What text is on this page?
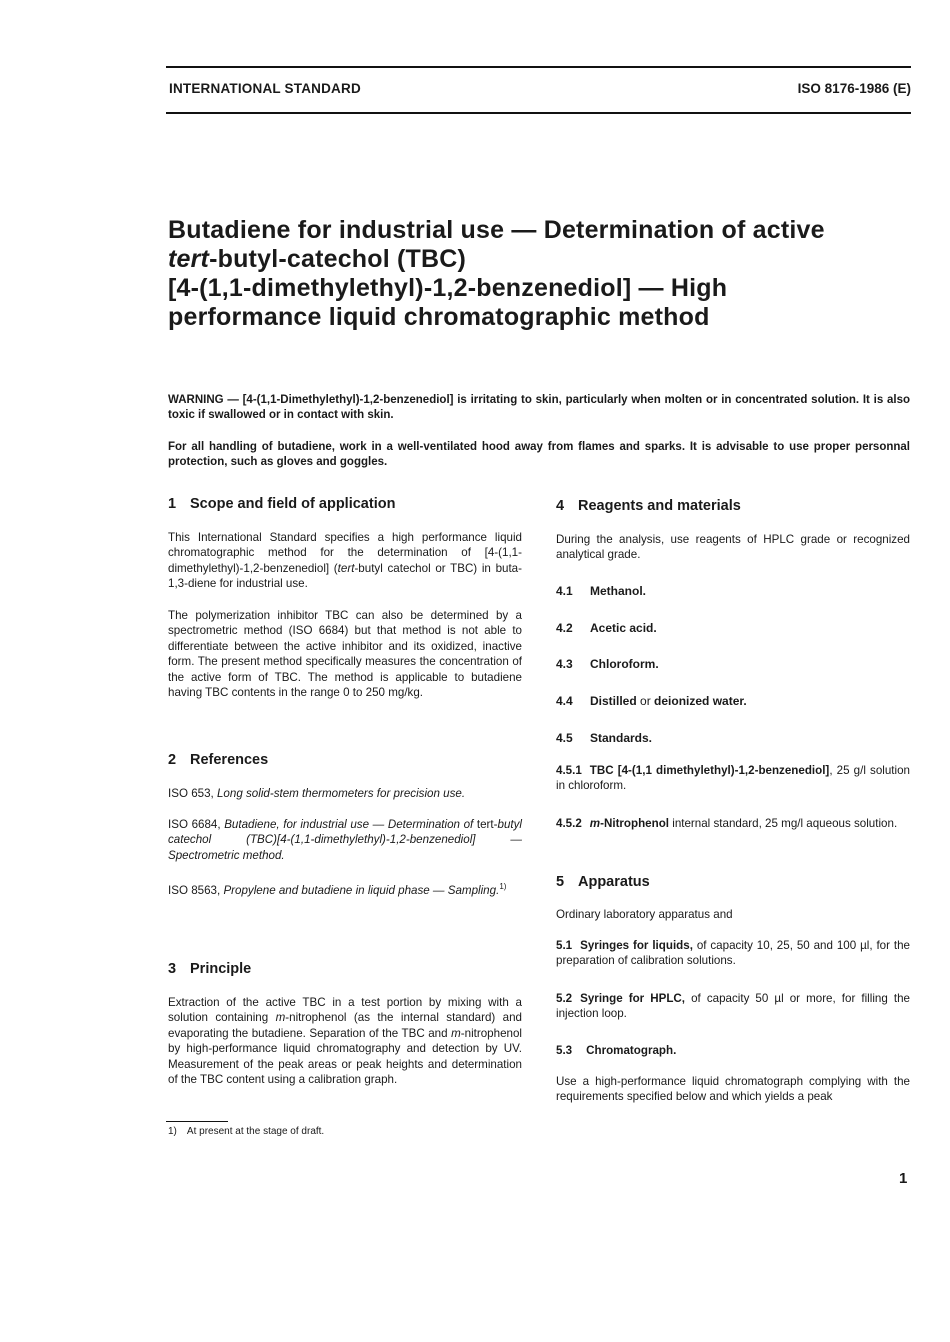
INTERNATIONAL STANDARD	ISO 8176-1986 (E)
Butadiene for industrial use — Determination of active
tert-butyl-catechol (TBC)
[4-(1,1-dimethylethyl)-1,2-benzenediol] — High
performance liquid chromatographic method

WARNING — [4-(1,1-Dimethylethyl)-1,2-benzenediol] is irritating to skin, particularly when molten or in concentrated solution. It is also toxic if swallowed or in contact with skin.

For all handling of butadiene, work in a well-ventilated hood away from flames and sparks. It is advisable to use proper personnal protection, such as gloves and goggles.

1 Scope and field of application

This International Standard specifies a high performance liquid chromatographic method for the determination of [4-(1,1-dimethylethyl)-1,2-benzenediol] (tert-butyl catechol or TBC) in buta-1,3-diene for industrial use.

The polymerization inhibitor TBC can also be determined by a spectrometric method (ISO 6684) but that method is not able to differentiate between the active inhibitor and its oxidized, inactive form. The present method specifically measures the concentration of the active form of TBC. The method is applicable to butadiene having TBC contents in the range 0 to 250 mg/kg.

2 References

ISO 653, Long solid-stem thermometers for precision use.

ISO 6684, Butadiene, for industrial use — Determination of tert-butyl catechol (TBC)[4-(1,1-dimethylethyl)-1,2-benzenediol] — Spectrometric method.

ISO 8563, Propylene and butadiene in liquid phase — Sampling.$^{1)}$

3 Principle

Extraction of the active TBC in a test portion by mixing with a solution containing m-nitrophenol (as the internal standard) and evaporating the butadiene. Separation of the TBC and m-nitrophenol by high-performance liquid chromatography and detection by UV. Measurement of the peak areas or peak heights and determination of the TBC content using a calibration graph.

4 Reagents and materials

During the analysis, use reagents of HPLC grade or recognized analytical grade.

4.1 Methanol.

4.2 Acetic acid.

4.3 Chloroform.

4.4 Distilled or deionized water.

4.5 Standards.

4.5.1 TBC [4-(1,1 dimethylethyl)-1,2-benzenediol], 25 g/l solution in chloroform.

4.5.2 m-Nitrophenol internal standard, 25 mg/l aqueous solution.

5 Apparatus

Ordinary laboratory apparatus and

5.1 Syringes for liquids, of capacity 10, 25, 50 and 100 µl, for the preparation of calibration solutions.

5.2 Syringe for HPLC, of capacity 50 µl or more, for filling the injection loop.

5.3 Chromatograph.

Use a high-performance liquid chromatograph complying with the requirements specified below and which yields a peak

1) At present at the stage of draft.
1
